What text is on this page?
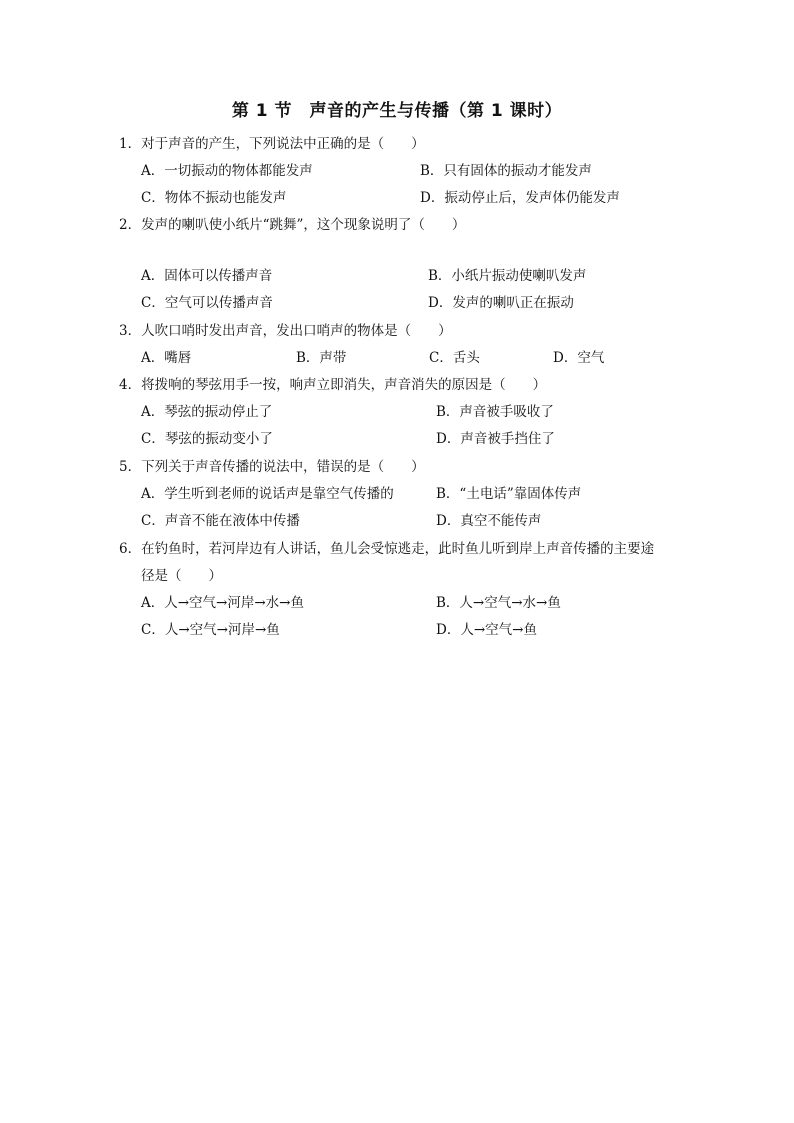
第 1 节　声音的产生与传播（第 1 课时）
1．对于声音的产生，下列说法中正确的是（　　）
A．一切振动的物体都能发声	B．只有固体的振动才能发声
C．物体不振动也能发声	D．振动停止后，发声体仍能发声
2．发声的喇叭使小纸片“跳舞”，这个现象说明了（　　）
A．固体可以传播声音	B．小纸片振动使喇叭发声
C．空气可以传播声音	D．发声的喇叭正在振动
3．人吹口哨时发出声音，发出口哨声的物体是（　　）
A．嘴唇	B．声带	C．舌头	D．空气
4．将拨响的琴弦用手一按，响声立即消失，声音消失的原因是（　　）
A．琴弦的振动停止了	B．声音被手吸收了
C．琴弦的振动变小了	D．声音被手挡住了
5．下列关于声音传播的说法中，错误的是（　　）
A．学生听到老师的说话声是靠空气传播的	B．“土电话”靠固体传声
C．声音不能在液体中传播	D．真空不能传声
6．在钓鱼时，若河岸边有人讲话，鱼儿会受惊逃走，此时鱼儿听到岸上声音传播的主要途
径是（　　）
A．人→空气→河岸→水→鱼	B．人→空气→水→鱼
C．人→空气→河岸→鱼	D．人→空气→鱼
